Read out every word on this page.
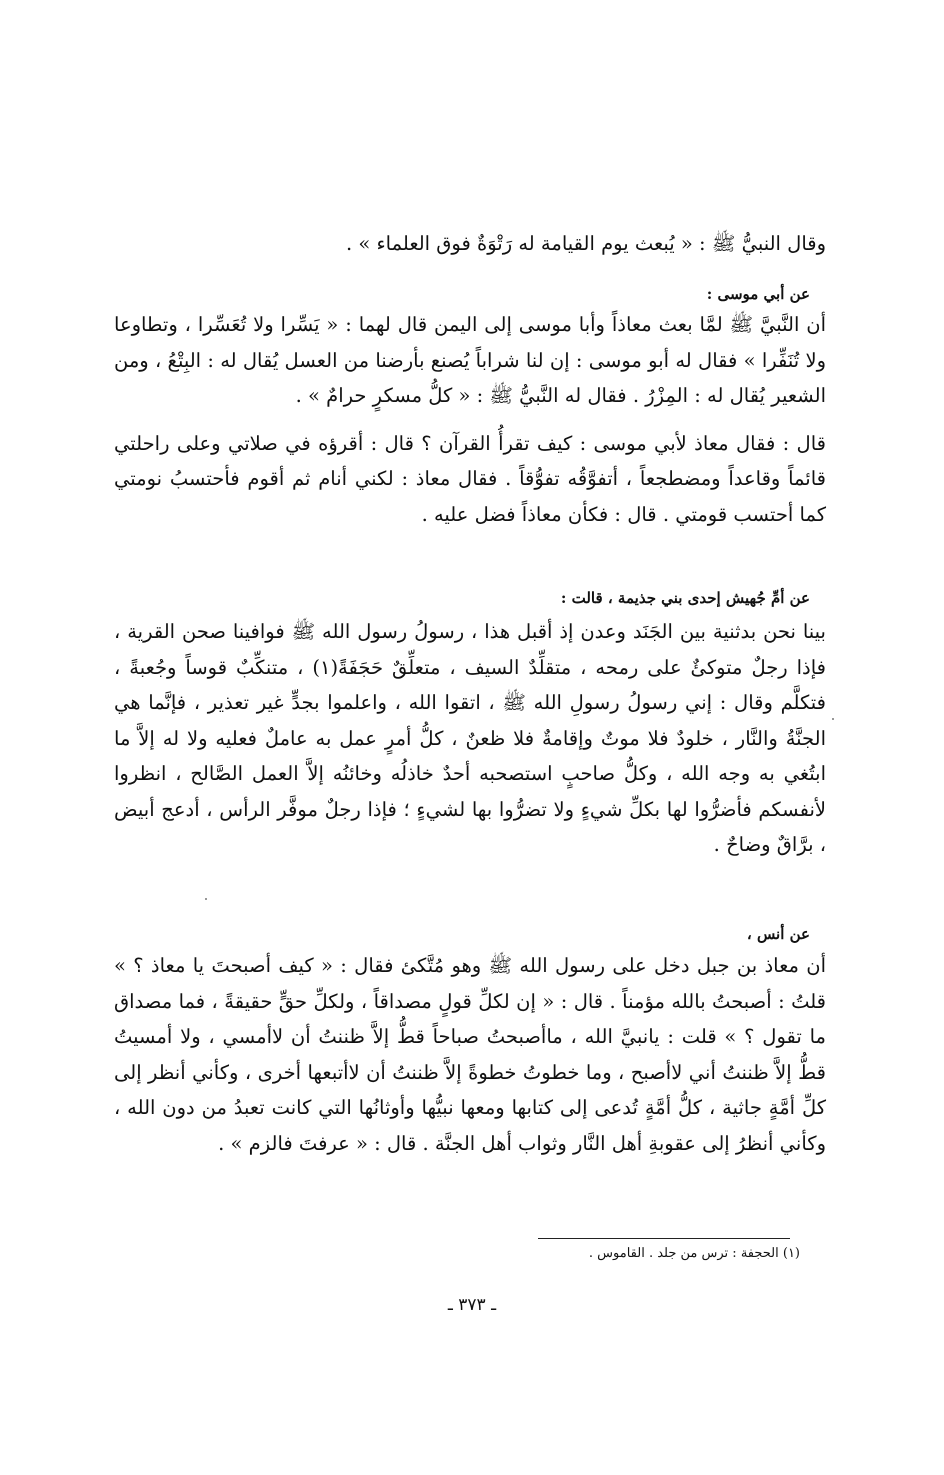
وقال النبيُّ ﷺ : « يُبعث يوم القيامة له رَتْوَةٌ فوق العلماء » .

عن أبي موسى :

أن النَّبيَّ ﷺ لمَّا بعث معاذاً وأبا موسى إلى اليمن قال لهما : « يَسِّرا ولا تُعَسِّرا ، وتطاوعا ولا تُنَفِّرا » فقال له أبو موسى : إن لنا شراباً يُصنع بأرضنا من العسل يُقال له : البِتْعُ ، ومن الشعير يُقال له : المِزْرُ . فقال له النَّبيُّ ﷺ : « كلُّ مسكرٍ حرامٌ » .

قال : فقال معاذ لأبي موسى : كيف تقرأُ القرآن ؟ قال : أقرؤه في صلاتي وعلى راحلتي قائماً وقاعداً ومضطجعاً ، أتفوَّقُه تفوُّقاً . فقال معاذ : لكني أنام ثم أقوم فأحتسبُ نومتي كما أحتسب قومتي . قال : فكأن معاذاً فضل عليه .

عن أمِّ جُهيش إحدى بني جذيمة ، قالت :

بينا نحن بدثنية بين الجَنَد وعدن إذ أقبل هذا ، رسولُ رسول الله ﷺ فوافينا صحن القرية ، فإذا رجلٌ متوكئٌ على رمحه ، متقلِّدٌ السيف ، متعلِّقٌ حَجَفَةً(١) ، متنكِّبٌ قوساً وجُعبةً ، فتكلَّم وقال : إني رسولُ رسولِ الله ﷺ ، اتقوا الله ، واعلموا بجدٍّ غير تعذير ، فإنَّما هي الجنَّةُ والنَّار ، خلودٌ فلا موتٌ وإقامةٌ فلا ظعنٌ ، كلُّ أمرٍ عمل به عاملٌ فعليه ولا له إلاَّ ما ابتُغي به وجه الله ، وكلُّ صاحبٍ استصحبه أحدٌ خاذلُه وخائنُه إلاَّ العمل الصَّالح ، انظروا لأنفسكم فأضرُّوا لها بكلِّ شيءٍ ولا تضرُّوا بها لشيءٍ ؛ فإذا رجلٌ موفَّر الرأس ، أدعج أبيض ، برَّاقٌ وضاحٌ .

عن أنس ،

أن معاذ بن جبل دخل على رسول الله ﷺ وهو مُتَّكئ فقال : « كيف أصبحتَ يا معاذ ؟ » قلتُ : أصبحتُ بالله مؤمناً . قال : « إن لكلِّ قولٍ مصداقاً ، ولكلِّ حقٍّ حقيقةً ، فما مصداق ما تقول ؟ » قلت : يانبيَّ الله ، ماأصبحتُ صباحاً قطُّ إلاَّ ظننتُ أن لاأمسي ، ولا أمسيتُ قطُّ إلاَّ ظننتُ أني لاأصبح ، وما خطوتُ خطوةً إلاَّ ظننتُ أن لاأتبعها أخرى ، وكأني أنظر إلى كلِّ أمَّةٍ جاثية ، كلُّ أمَّةٍ تُدعى إلى كتابها ومعها نبيُّها وأوثانُها التي كانت تعبدُ من دون الله ، وكأني أنظرُ إلى عقوبةِ أهل النَّار وثواب أهل الجنَّة . قال : « عرفتَ فالزم » .

(١) الحجفة : ترس من جلد . القاموس .
ـ ٣٧٣ ـ
